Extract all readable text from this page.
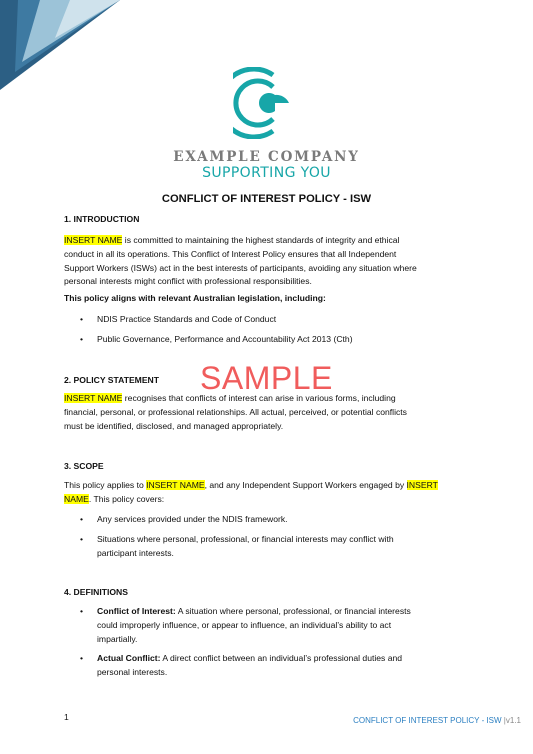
EXAMPLE COMPANY
SUPPORTING YOU
CONFLICT OF INTEREST POLICY - ISW
1. INTRODUCTION
INSERT NAME is committed to maintaining the highest standards of integrity and ethical
conduct in all its operations. This Conflict of Interest Policy ensures that all Independent
Support Workers (ISWs) act in the best interests of participants, avoiding any situation where
personal interests might conflict with professional responsibilities.
This policy aligns with relevant Australian legislation, including:
• NDIS Practice Standards and Code of Conduct
• Public Governance, Performance and Accountability Act 2013 (Cth)
2. POLICY STATEMENT
INSERT NAME recognises that conflicts of interest can arise in various forms, including
financial, personal, or professional relationships. All actual, perceived, or potential conflicts
must be identified, disclosed, and managed appropriately.
3. SCOPE
This policy applies to INSERT NAME, and any Independent Support Workers engaged by INSERT
NAME. This policy covers:
• Any services provided under the NDIS framework.
• Situations where personal, professional, or financial interests may conflict with
participant interests.
4. DEFINITIONS
• Conflict of Interest: A situation where personal, professional, or financial interests
could improperly influence, or appear to influence, an individual’s ability to act
impartially.
• Actual Conflict: A direct conflict between an individual’s professional duties and
personal interests.
SAMPLE
1	CONFLICT OF INTEREST POLICY - ISW |v1.1
